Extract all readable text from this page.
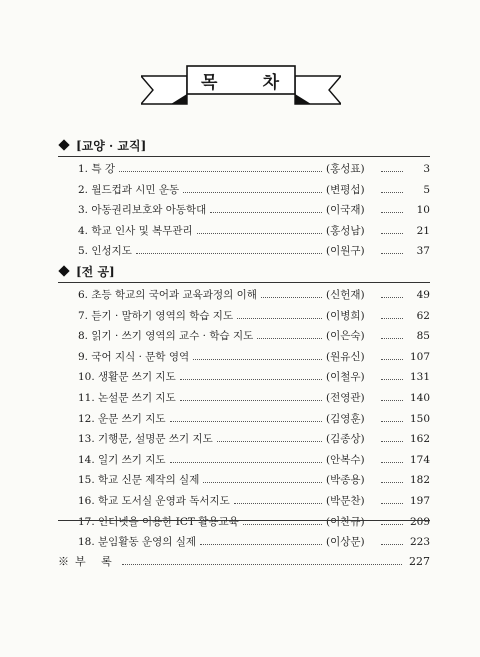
목	차
[교양 · 교직]
1. 특 강	(홍성표)	3
2. 월드컵과 시민 운동	(변평섭)	5
3. 아동권리보호와 아동학대	(이국재)	10
4. 학교 인사 및 복무관리	(홍성남)	21
5. 인성지도	(이원구)	37
[전 공]
6. 초등 학교의 국어과 교육과정의 이해	(신헌재)	49
7. 듣기 · 말하기 영역의 학습 지도	(이병희)	62
8. 읽기 · 쓰기 영역의 교수 · 학습 지도	(이은숙)	85
9. 국어 지식 · 문학 영역	(원유신)	107
10. 생활문 쓰기 지도	(이철우)	131
11. 논설문 쓰기 지도	(전영관)	140
12. 운문 쓰기 지도	(김영훈)	150
13. 기행문, 설명문 쓰기 지도	(김종상)	162
14. 일기 쓰기 지도	(안복수)	174
15. 학교 신문 제작의 실제	(박종용)	182
16. 학교 도서실 운영과 독서지도	(박문찬)	197
17. 인터넷을 이용한 ICT 활용교육	(이찬규)	209
18. 분임활동 운영의 실제	(이상문)	223
※부 록	227
